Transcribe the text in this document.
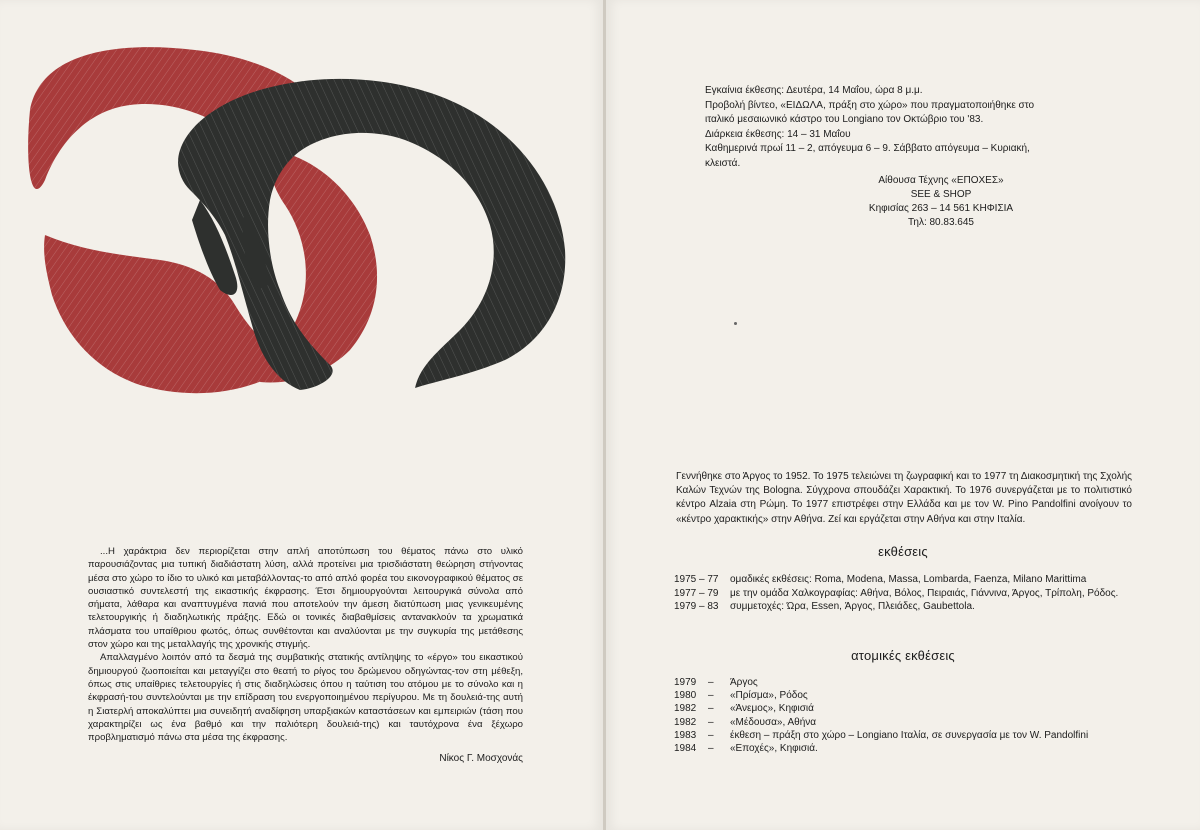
...Η χαράκτρια δεν περιορίζεται στην απλή αποτύπωση του θέματος πάνω στο υλικό παρουσιάζοντας μια τυπική διαδιάστατη λύση, αλλά προτείνει μια τρισδιάστατη θεώρηση στήνοντας μέσα στο χώρο το ίδιο το υλικό και μεταβάλλοντας-το από απλό φορέα του εικονογραφικού θέματος σε ουσιαστικό συντελεστή της εικαστικής έκφρασης. Έτσι δημιουργούνται λειτουργικά σύνολα από σήματα, λάθαρα και αναπτυγμένα πανιά που αποτελούν την άμεση διατύπωση μιας γενικευμένης τελετουργικής ή διαδηλωτικής πράξης. Εδώ οι τονικές διαβαθμίσεις αντανακλούν τα χρωματικά πλάσματα του υπαίθριου φωτός, όπως συνθέτονται και αναλύονται με την συγκυρία της μετάθεσης στον χώρο και της μεταλλαγής της χρονικής στιγμής.

Απαλλαγμένο λοιπόν από τα δεσμά της συμβατικής στατικής αντίληψης το «έργο» του εικαστικού δημιουργού ζωοποιείται και μεταγγίζει στο θεατή το ρίγος του δρώμενου οδηγώντας-τον στη μέθεξη, όπως στις υπαίθριες τελετουργίες ή στις διαδηλώσεις όπου η ταύτιση του ατόμου με το σύνολο και η έκφρασή-του συντελούνται με την επίδραση του ενεργοποιημένου περίγυρου. Με τη δουλειά-της αυτή η Σιατερλή αποκαλύπτει μια συνειδητή αναδίφηση υπαρξιακών καταστάσεων και εμπειριών (τάση που χαρακτηρίζει ως ένα βαθμό και την παλιότερη δουλειά-της) και ταυτόχρονα ένα ξέχωρο προβληματισμό πάνω στα μέσα της έκφρασης.

Νίκος Γ. Μοσχονάς

Εγκαίνια έκθεσης: Δευτέρα, 14 Μαΐου, ώρα 8 μ.μ.
Προβολή βίντεο, «ΕΙΔΩΛΑ, πράξη στο χώρο» που πραγματοποιήθηκε στο
ιταλικό μεσαιωνικό κάστρο του Longiano τον Οκτώβριο του '83.
Διάρκεια έκθεσης: 14 – 31 Μαΐου
Καθημερινά πρωί 11 – 2, απόγευμα 6 – 9. Σάββατο απόγευμα – Κυριακή,
κλειστά.
Αίθουσα Τέχνης «ΕΠΟΧΕΣ»
SEE & SHOP
Κηφισίας 263 – 14 561 ΚΗΦΙΣΙΑ
Τηλ: 80.83.645

Γεννήθηκε στο Άργος το 1952. Το 1975 τελειώνει τη ζωγραφική και το 1977 τη Διακοσμητική της Σχολής Καλών Τεχνών της Bologna. Σύγχρονα σπουδάζει Χαρακτική. Το 1976 συνεργάζεται με το πολιτιστικό κέντρο Alzaia στη Ρώμη. Το 1977 επιστρέφει στην Ελλάδα και με τον W. Pino Pandolfini ανοίγουν το «κέντρο χαρακτικής» στην Αθήνα. Ζεί και εργάζεται στην Αθήνα και στην Ιταλία.

εκθέσεις
1975 – 77	ομαδικές εκθέσεις: Roma, Modena, Massa, Lombarda, Faenza, Milano Marittima
1977 – 79	με την ομάδα Χαλκογραφίας: Αθήνα, Βόλος, Πειραιάς, Γιάννινα, Άργος, Τρίπολη, Ρόδος.
1979 – 83	συμμετοχές: Ώρα, Essen, Άργος, Πλειάδες, Gaubettola.
ατομικές εκθέσεις
1979	–	Άργος
1980	–	«Πρίσμα», Ρόδος
1982	–	«Άνεμος», Κηφισιά
1982	–	«Μέδουσα», Αθήνα
1983	–	έκθεση – πράξη στο χώρο – Longiano Ιταλία, σε συνεργασία με τον W. Pandolfini
1984	–	«Εποχές», Κηφισιά.
